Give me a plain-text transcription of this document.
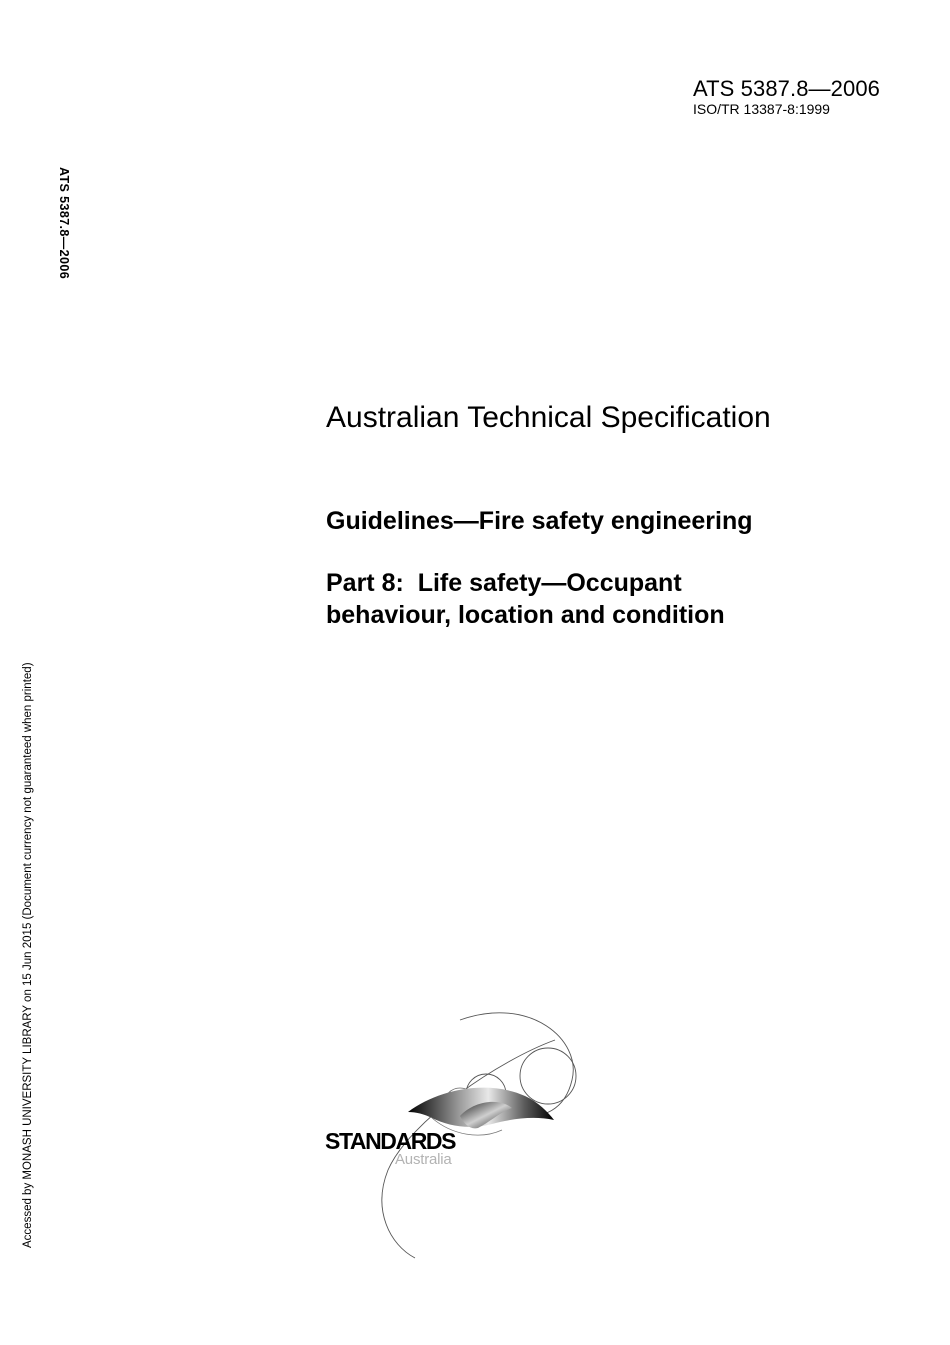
ATS 5387.8—2006
ISO/TR 13387-8:1999
ATS 5387.8—2006
Accessed by MONASH UNIVERSITY LIBRARY on 15 Jun 2015 (Document currency not guaranteed when printed)
Australian Technical Specification
Guidelines—Fire safety engineering
Part 8:  Life safety—Occupant
behaviour, location and condition
STANDARDS
Australia
